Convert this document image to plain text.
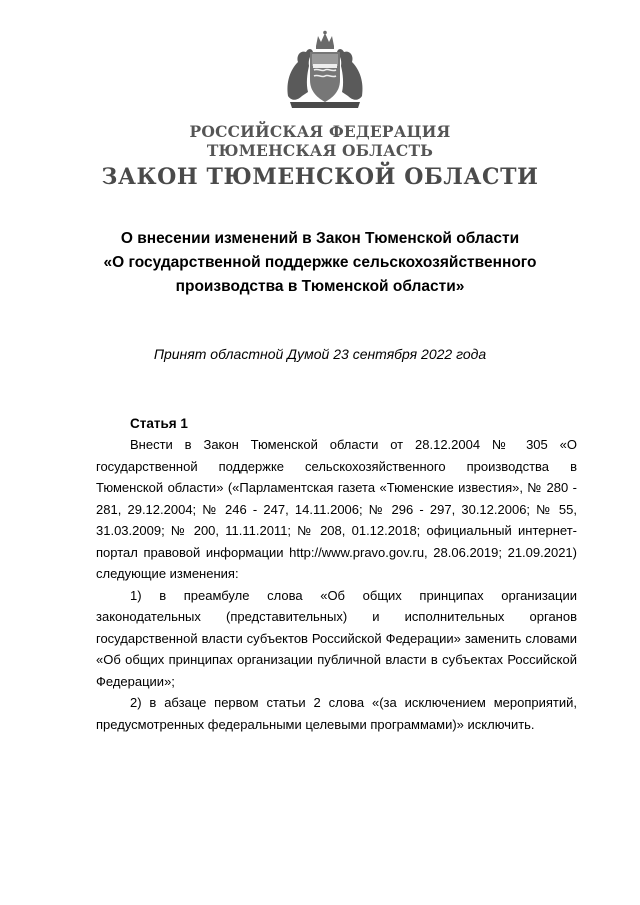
РОССИЙСКАЯ ФЕДЕРАЦИЯ
ТЮМЕНСКАЯ ОБЛАСТЬ
ЗАКОН ТЮМЕНСКОЙ ОБЛАСТИ
О внесении изменений в Закон Тюменской области
«О государственной поддержке сельскохозяйственного
производства в Тюменской области»
Принят областной Думой 23 сентября 2022 года
Статья 1

Внести в Закон Тюменской области от 28.12.2004 № 305 «О государственной поддержке сельскохозяйственного производства в Тюменской области» («Парламентская газета «Тюменские известия», № 280 - 281, 29.12.2004; № 246 - 247, 14.11.2006; № 296 - 297, 30.12.2006; № 55, 31.03.2009; № 200, 11.11.2011; № 208, 01.12.2018; официальный интернет-портал правовой информации http://www.pravo.gov.ru, 28.06.2019; 21.09.2021) следующие изменения:

1) в преамбуле слова «Об общих принципах организации законодательных (представительных) и исполнительных органов государственной власти субъектов Российской Федерации» заменить словами «Об общих принципах организации публичной власти в субъектах Российской Федерации»;

2) в абзаце первом статьи 2 слова «(за исключением мероприятий, предусмотренных федеральными целевыми программами)» исключить.
